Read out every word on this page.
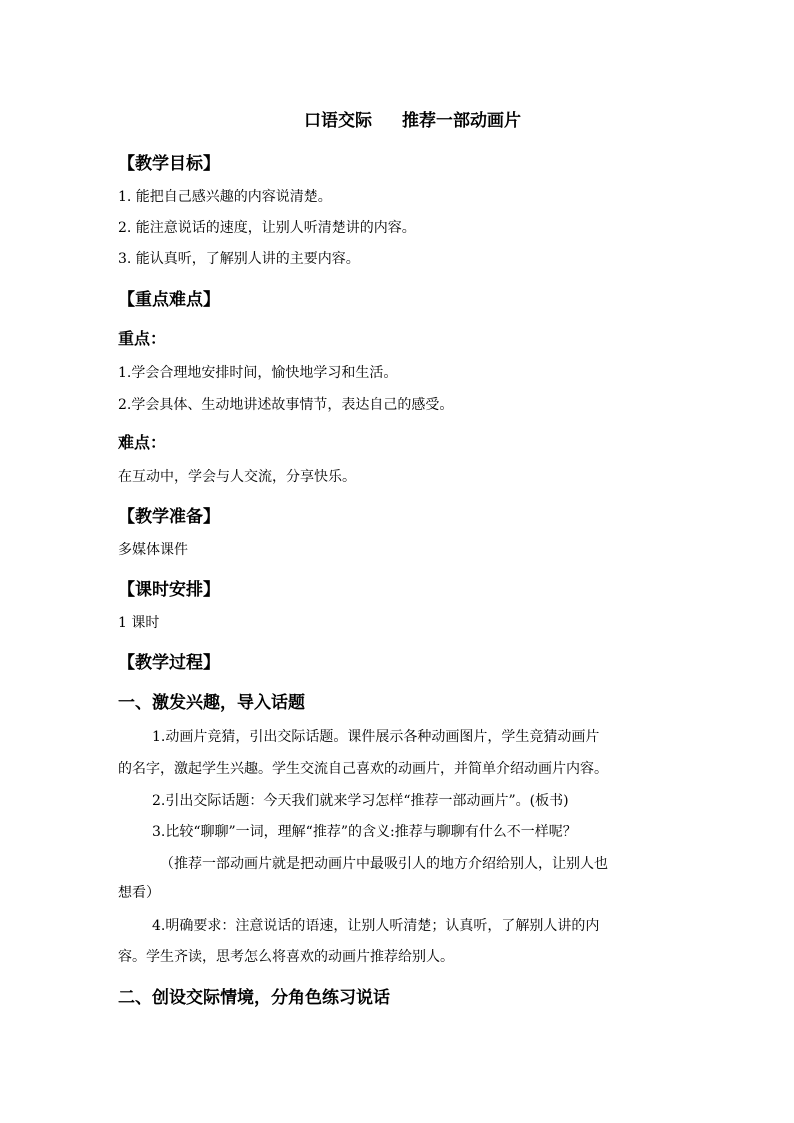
口语交际 推荐一部动画片
【教学目标】
1. 能把自己感兴趣的内容说清楚。
2. 能注意说话的速度，让别人听清楚讲的内容。
3. 能认真听，了解别人讲的主要内容。
【重点难点】
重点：
1.学会合理地安排时间，愉快地学习和生活。
2.学会具体、生动地讲述故事情节，表达自己的感受。
难点：
在互动中，学会与人交流，分享快乐。
【教学准备】
多媒体课件
【课时安排】
1 课时
【教学过程】
一、激发兴趣，导入话题
1.动画片竞猜，引出交际话题。课件展示各种动画图片，学生竞猜动画片
的名字，激起学生兴趣。学生交流自己喜欢的动画片，并简单介绍动画片内容。
2.引出交际话题：今天我们就来学习怎样“推荐一部动画片”。(板书)
3.比较“聊聊”一词，理解“推荐”的含义:推荐与聊聊有什么不一样呢？
（推荐一部动画片就是把动画片中最吸引人的地方介绍给别人，让别人也
想看）
4.明确要求：注意说话的语速，让别人听清楚；认真听，了解别人讲的内
容。学生齐读，思考怎么将喜欢的动画片推荐给别人。
二、创设交际情境，分角色练习说话
